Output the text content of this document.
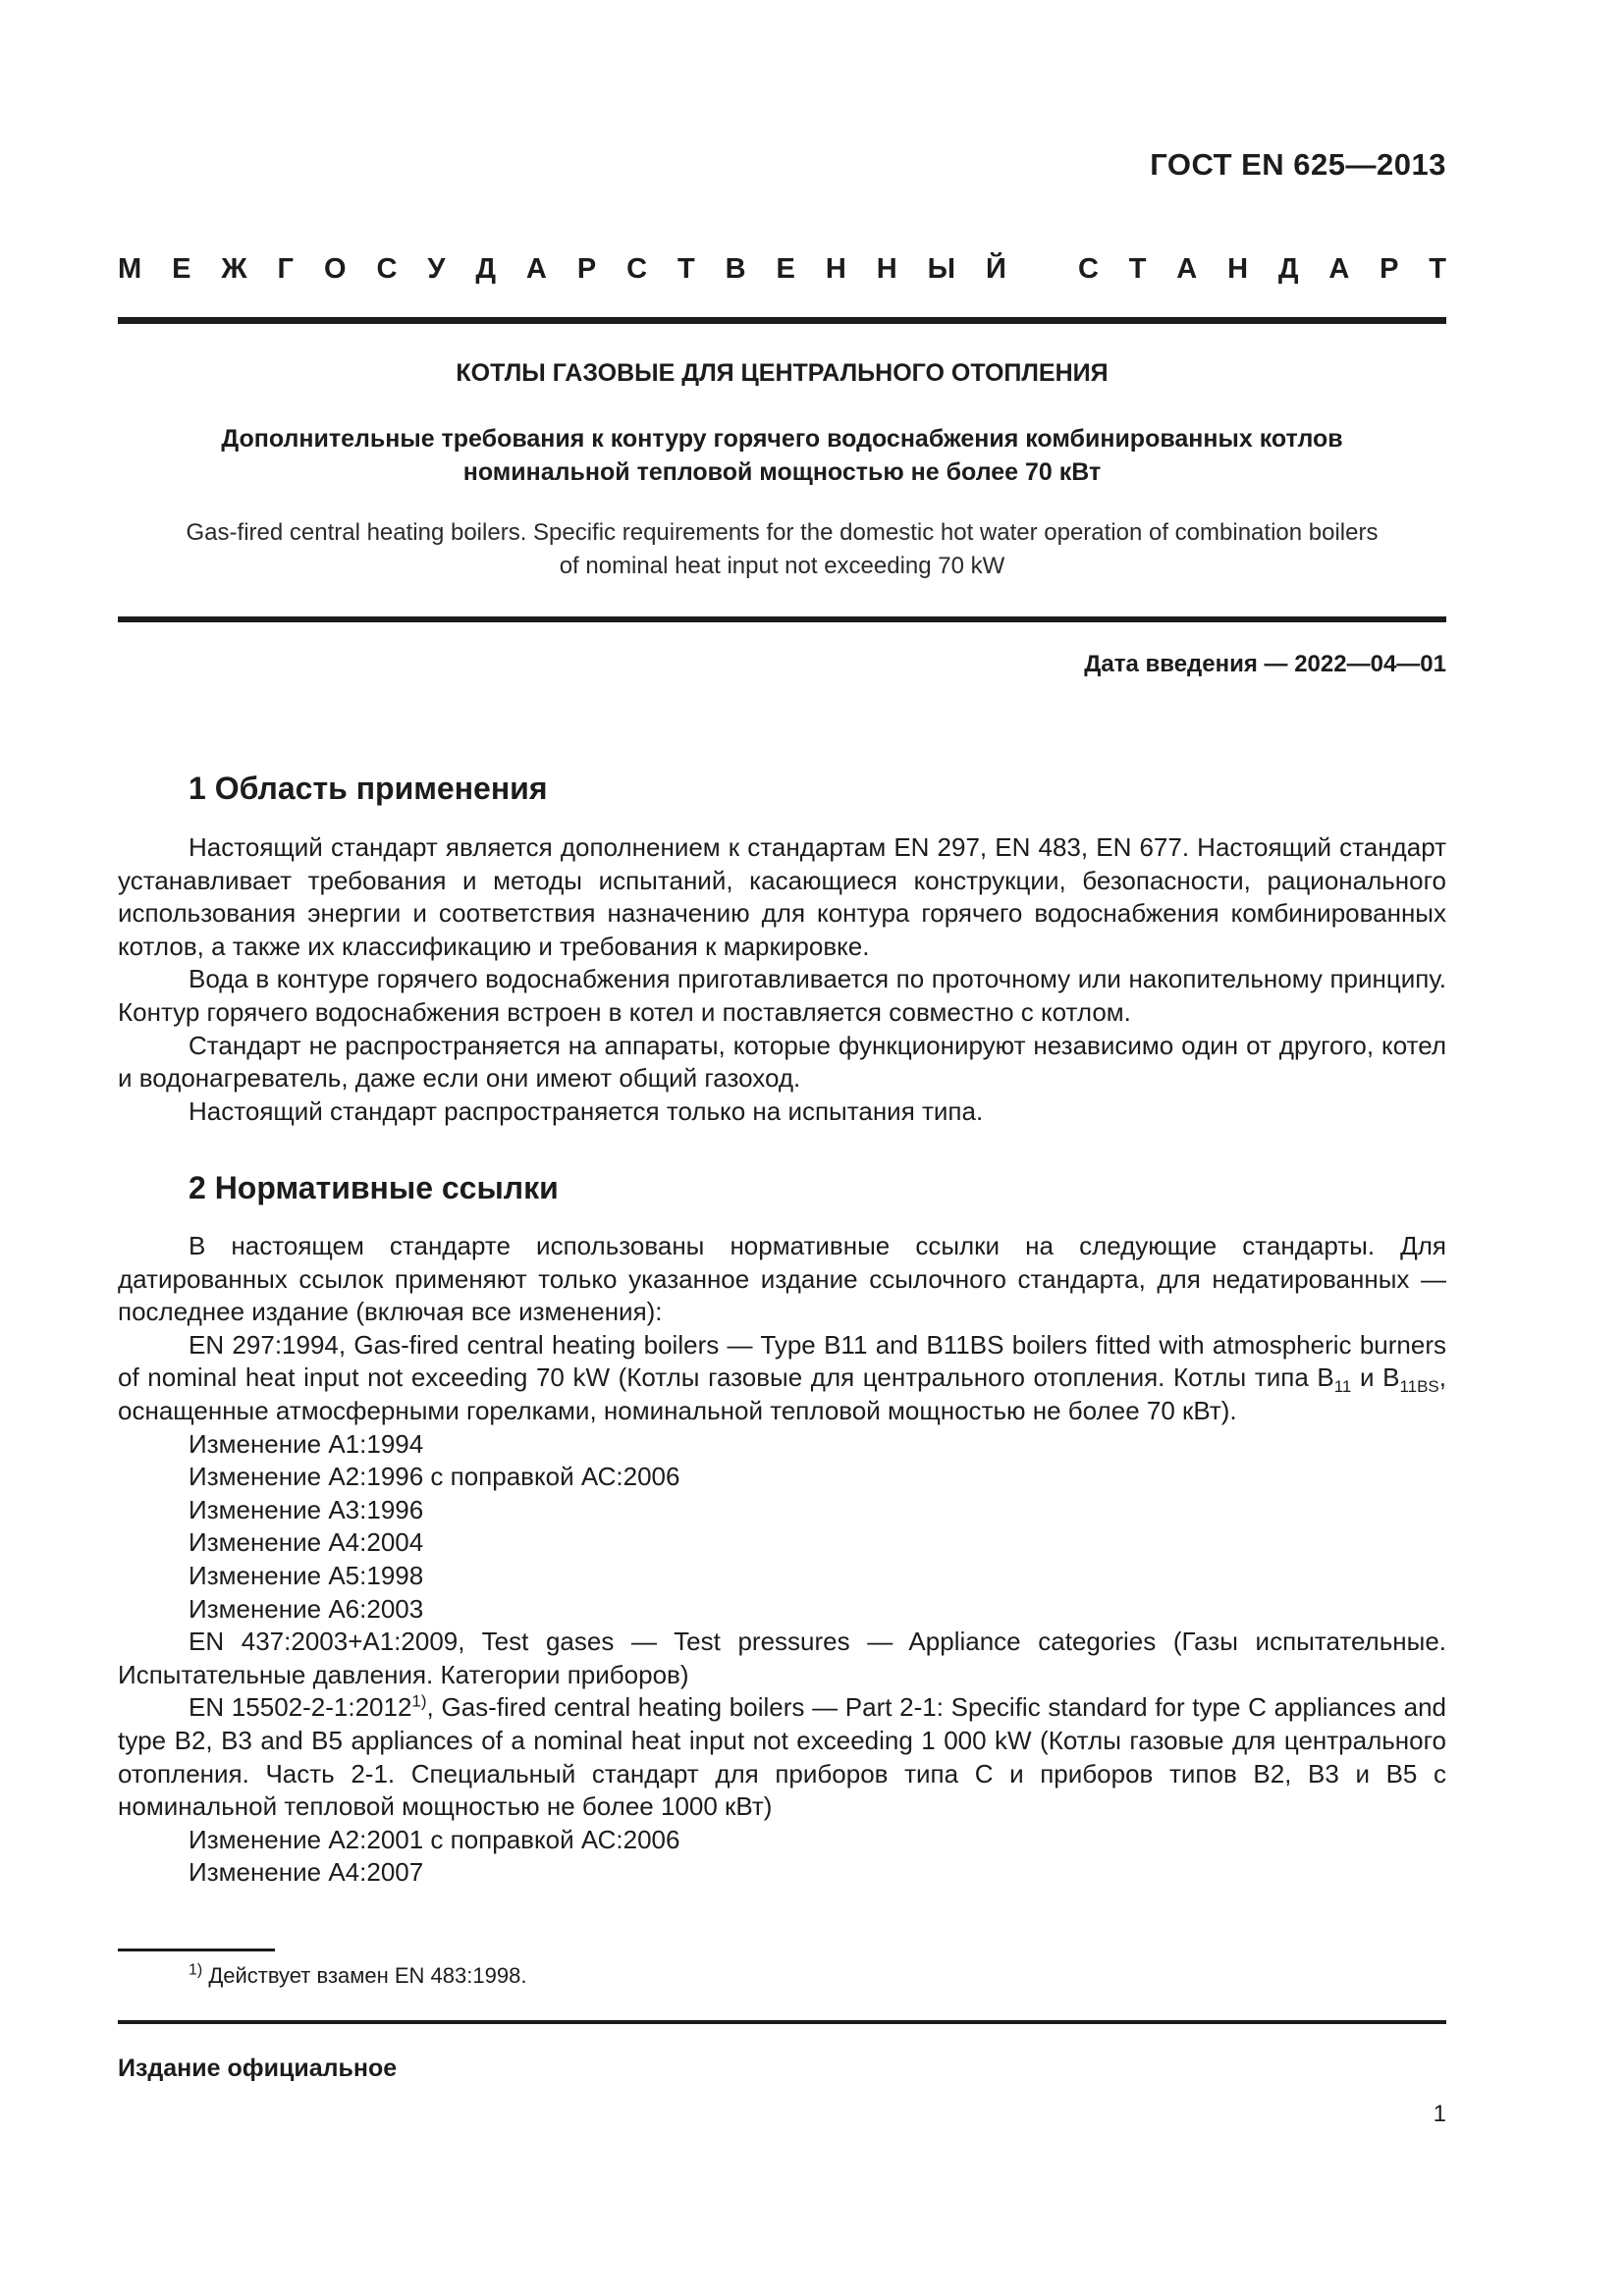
ГОСТ EN 625—2013
М Е Ж Г О С У Д А Р С Т В Е Н Н Ы Й	С Т А Н Д А Р Т
КОТЛЫ ГАЗОВЫЕ ДЛЯ ЦЕНТРАЛЬНОГО ОТОПЛЕНИЯ
Дополнительные требования к контуру горячего водоснабжения комбинированных котлов
номинальной тепловой мощностью не более 70 кВт
Gas-fired central heating boilers. Specific requirements for the domestic hot water operation of combination boilers
of nominal heat input not exceeding 70 kW
Дата введения — 2022—04—01
1 Область применения

Настоящий стандарт является дополнением к стандартам EN 297, EN 483, EN 677. Настоящий стандарт устанавливает требования и методы испытаний, касающиеся конструкции, безопасности, рационального использования энергии и соответствия назначению для контура горячего водоснабжения комбинированных котлов, а также их классификацию и требования к маркировке.

Вода в контуре горячего водоснабжения приготавливается по проточному или накопительному принципу. Контур горячего водоснабжения встроен в котел и поставляется совместно с котлом.

Стандарт не распространяется на аппараты, которые функционируют независимо один от другого, котел и водонагреватель, даже если они имеют общий газоход.

Настоящий стандарт распространяется только на испытания типа.

2 Нормативные ссылки

В настоящем стандарте использованы нормативные ссылки на следующие стандарты. Для датированных ссылок применяют только указанное издание ссылочного стандарта, для недатированных — последнее издание (включая все изменения):

EN 297:1994, Gas-fired central heating boilers — Type B11 and B11BS boilers fitted with atmospheric burners of nominal heat input not exceeding 70 kW (Котлы газовые для центрального отопления. Котлы типа $B_{11}$ и $B_{11BS}$, оснащенные атмосферными горелками, номинальной тепловой мощностью не более 70 кВт).

Изменение A1:1994

Изменение A2:1996 с поправкой АС:2006

Изменение A3:1996

Изменение A4:2004

Изменение A5:1998

Изменение A6:2003

EN 437:2003+A1:2009, Test gases — Test pressures — Appliance categories (Газы испытательные. Испытательные давления. Категории приборов)

EN 15502-2-1:2012$^{1)}$, Gas-fired central heating boilers — Part 2-1: Specific standard for type C appliances and type B2, B3 and B5 appliances of a nominal heat input not exceeding 1 000 kW (Котлы газовые для центрального отопления. Часть 2-1. Специальный стандарт для приборов типа С и приборов типов В2, В3 и В5 с номинальной тепловой мощностью не более 1000 кВт)

Изменение A2:2001 с поправкой АС:2006

Изменение A4:2007

$^{1)}$ Действует взамен EN 483:1998.
Издание официальное
1
